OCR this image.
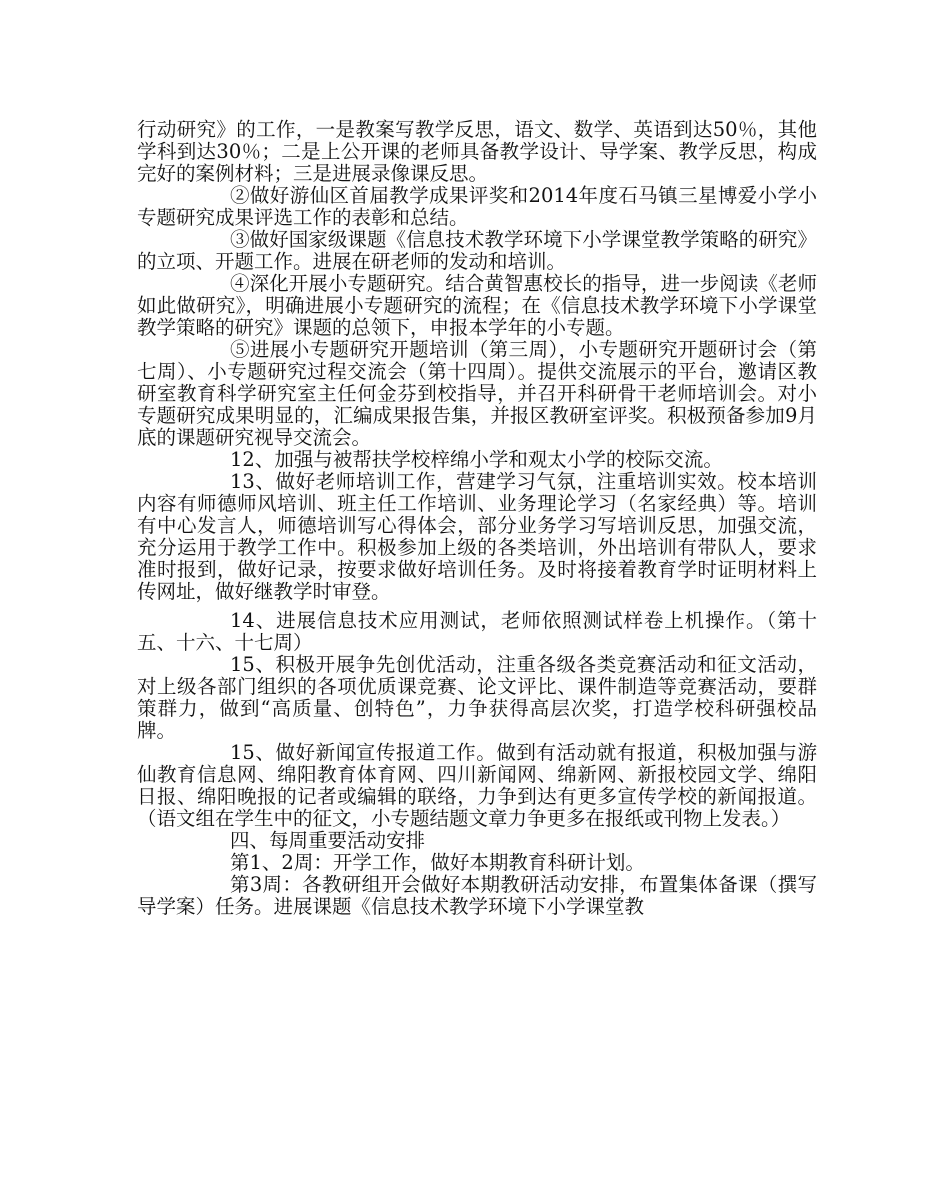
行动研究》的工作，一是教案写教学反思，语文、数学、英语到达50％，其他学科到达30％；二是上公开课的老师具备教学设计、导学案、教学反思，构成完好的案例材料；三是进展录像课反思。

②做好游仙区首届教学成果评奖和2014年度石马镇三星博爱小学小专题研究成果评选工作的表彰和总结。

③做好国家级课题《信息技术教学环境下小学课堂教学策略的研究》的立项、开题工作。进展在研老师的发动和培训。

④深化开展小专题研究。结合黄智惠校长的指导，进一步阅读《老师如此做研究》，明确进展小专题研究的流程；在《信息技术教学环境下小学课堂教学策略的研究》课题的总领下，申报本学年的小专题。

⑤进展小专题研究开题培训（第三周），小专题研究开题研讨会（第七周）、小专题研究过程交流会（第十四周）。提供交流展示的平台，邀请区教研室教育科学研究室主任何金芬到校指导，并召开科研骨干老师培训会。对小专题研究成果明显的，汇编成果报告集，并报区教研室评奖。积极预备参加9月底的课题研究视导交流会。

12、加强与被帮扶学校梓绵小学和观太小学的校际交流。

13、做好老师培训工作，营建学习气氛，注重培训实效。校本培训内容有师德师风培训、班主任工作培训、业务理论学习（名家经典）等。培训有中心发言人，师德培训写心得体会，部分业务学习写培训反思，加强交流，充分运用于教学工作中。积极参加上级的各类培训，外出培训有带队人，要求准时报到，做好记录，按要求做好培训任务。及时将接着教育学时证明材料上传网址，做好继教学时审登。

14、进展信息技术应用测试，老师依照测试样卷上机操作。（第十五、十六、十七周）

15、积极开展争先创优活动，注重各级各类竞赛活动和征文活动，对上级各部门组织的各项优质课竞赛、论文评比、课件制造等竞赛活动，要群策群力，做到“高质量、创特色”，力争获得高层次奖，打造学校科研强校品牌。

15、做好新闻宣传报道工作。做到有活动就有报道，积极加强与游仙教育信息网、绵阳教育体育网、四川新闻网、绵新网、新报校园文学、绵阳日报、绵阳晚报的记者或编辑的联络，力争到达有更多宣传学校的新闻报道。（语文组在学生中的征文，小专题结题文章力争更多在报纸或刊物上发表。）

四、每周重要活动安排

第1、2周：开学工作，做好本期教育科研计划。

第3周：各教研组开会做好本期教研活动安排，布置集体备课（撰写导学案）任务。进展课题《信息技术教学环境下小学课堂教
